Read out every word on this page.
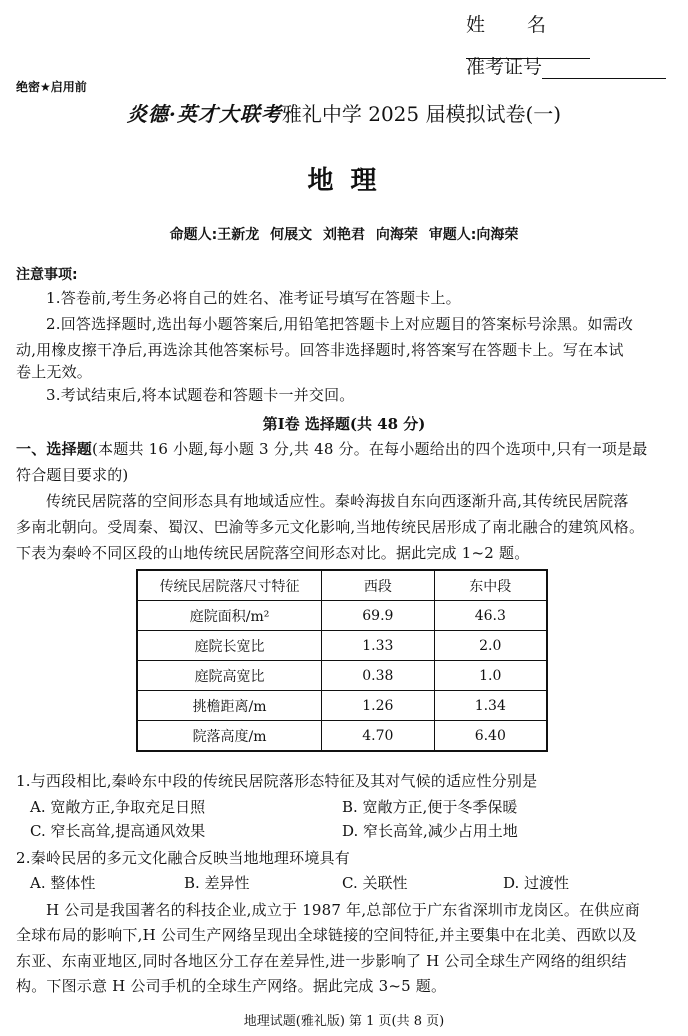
姓 名
准考证号
绝密★启用前
炎德·英才大联考雅礼中学 2025 届模拟试卷(一)
地 理
命题人:王新龙 何展文 刘艳君 向海荣 审题人:向海荣
注意事项:
1.答卷前,考生务必将自己的姓名、准考证号填写在答题卡上。
2.回答选择题时,选出每小题答案后,用铅笔把答题卡上对应题目的答案标号涂黑。如需改
动,用橡皮擦干净后,再选涂其他答案标号。回答非选择题时,将答案写在答题卡上。写在本试
卷上无效。
3.考试结束后,将本试题卷和答题卡一并交回。
第Ⅰ卷 选择题(共 48 分)
一、选择题(本题共 16 小题,每小题 3 分,共 48 分。在每小题给出的四个选项中,只有一项是最
符合题目要求的)
传统民居院落的空间形态具有地域适应性。秦岭海拔自东向西逐渐升高,其传统民居院落
多南北朝向。受周秦、蜀汉、巴渝等多元文化影响,当地传统民居形成了南北融合的建筑风格。
下表为秦岭不同区段的山地传统民居院落空间形态对比。据此完成 1~2 题。
传统民居院落尺寸特征	西段	东中段
庭院面积/m²	69.9	46.3
庭院长宽比	1.33	2.0
庭院高宽比	0.38	1.0
挑檐距离/m	1.26	1.34
院落高度/m	4.70	6.40
1.与西段相比,秦岭东中段的传统民居院落形态特征及其对气候的适应性分别是
A. 宽敞方正,争取充足日照	B. 宽敞方正,便于冬季保暖
C. 窄长高耸,提高通风效果	D. 窄长高耸,减少占用土地
2.秦岭民居的多元文化融合反映当地地理环境具有
A. 整体性	B. 差异性	C. 关联性	D. 过渡性
H 公司是我国著名的科技企业,成立于 1987 年,总部位于广东省深圳市龙岗区。在供应商
全球布局的影响下,H 公司生产网络呈现出全球链接的空间特征,并主要集中在北美、西欧以及
东亚、东南亚地区,同时各地区分工存在差异性,进一步影响了 H 公司全球生产网络的组织结
构。下图示意 H 公司手机的全球生产网络。据此完成 3~5 题。
地理试题(雅礼版) 第 1 页(共 8 页)
